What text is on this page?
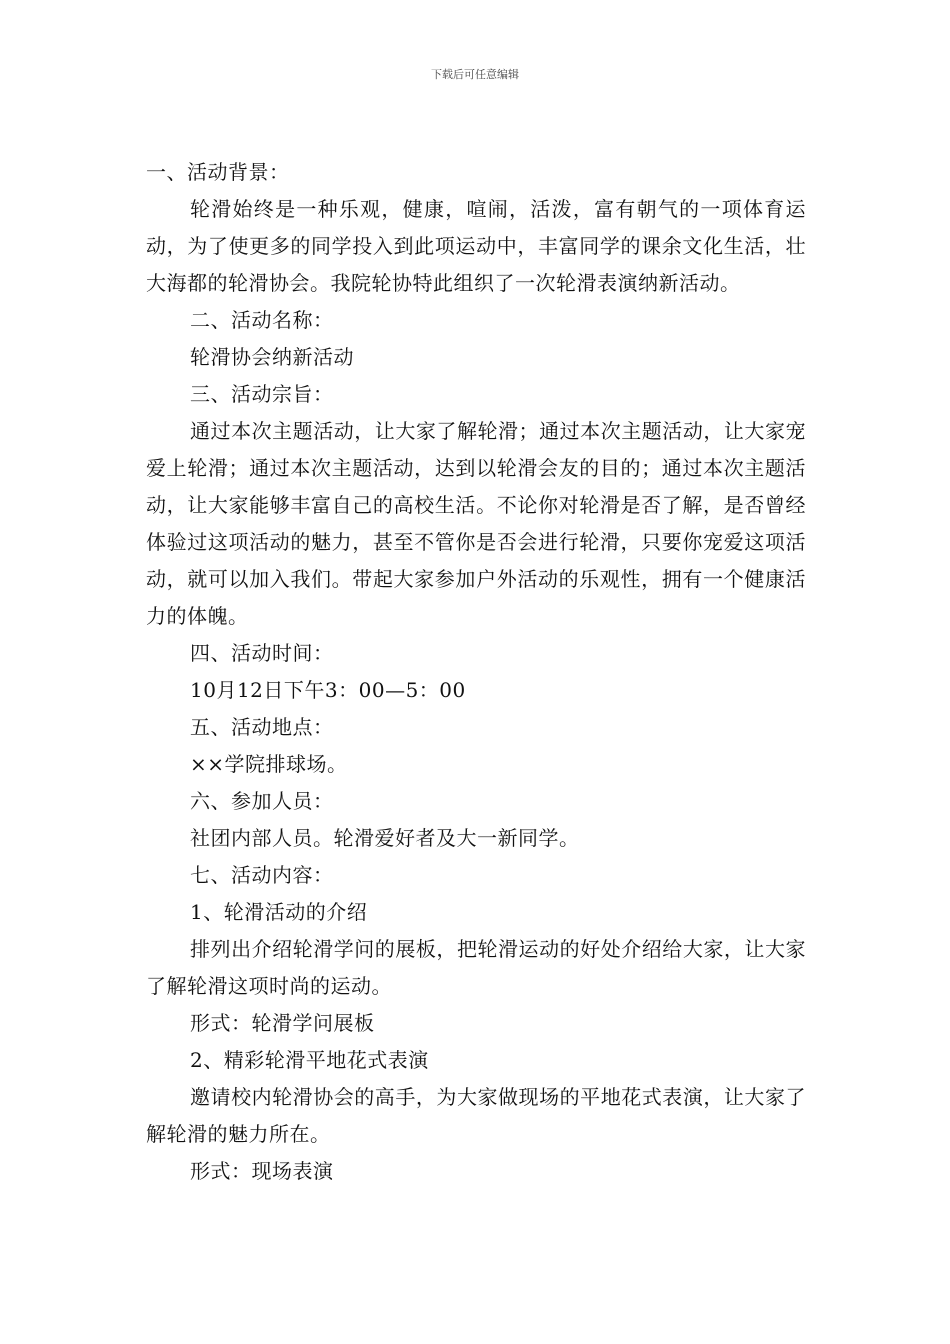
下载后可任意编辑

一、活动背景：

轮滑始终是一种乐观，健康，喧闹，活泼，富有朝气的一项体育运动，为了使更多的同学投入到此项运动中，丰富同学的课余文化生活，壮大海都的轮滑协会。我院轮协特此组织了一次轮滑表演纳新活动。

二、活动名称：

轮滑协会纳新活动

三、活动宗旨：

通过本次主题活动，让大家了解轮滑；通过本次主题活动，让大家宠爱上轮滑；通过本次主题活动，达到以轮滑会友的目的；通过本次主题活动，让大家能够丰富自己的高校生活。不论你对轮滑是否了解，是否曾经体验过这项活动的魅力，甚至不管你是否会进行轮滑，只要你宠爱这项活动，就可以加入我们。带起大家参加户外活动的乐观性，拥有一个健康活力的体魄。

四、活动时间：

10月12日下午3：00—5：00

五、活动地点：

××学院排球场。

六、参加人员：

社团内部人员。轮滑爱好者及大一新同学。

七、活动内容：

1、轮滑活动的介绍

排列出介绍轮滑学问的展板，把轮滑运动的好处介绍给大家，让大家了解轮滑这项时尚的运动。

形式：轮滑学问展板

2、精彩轮滑平地花式表演

邀请校内轮滑协会的高手，为大家做现场的平地花式表演，让大家了解轮滑的魅力所在。

形式：现场表演
